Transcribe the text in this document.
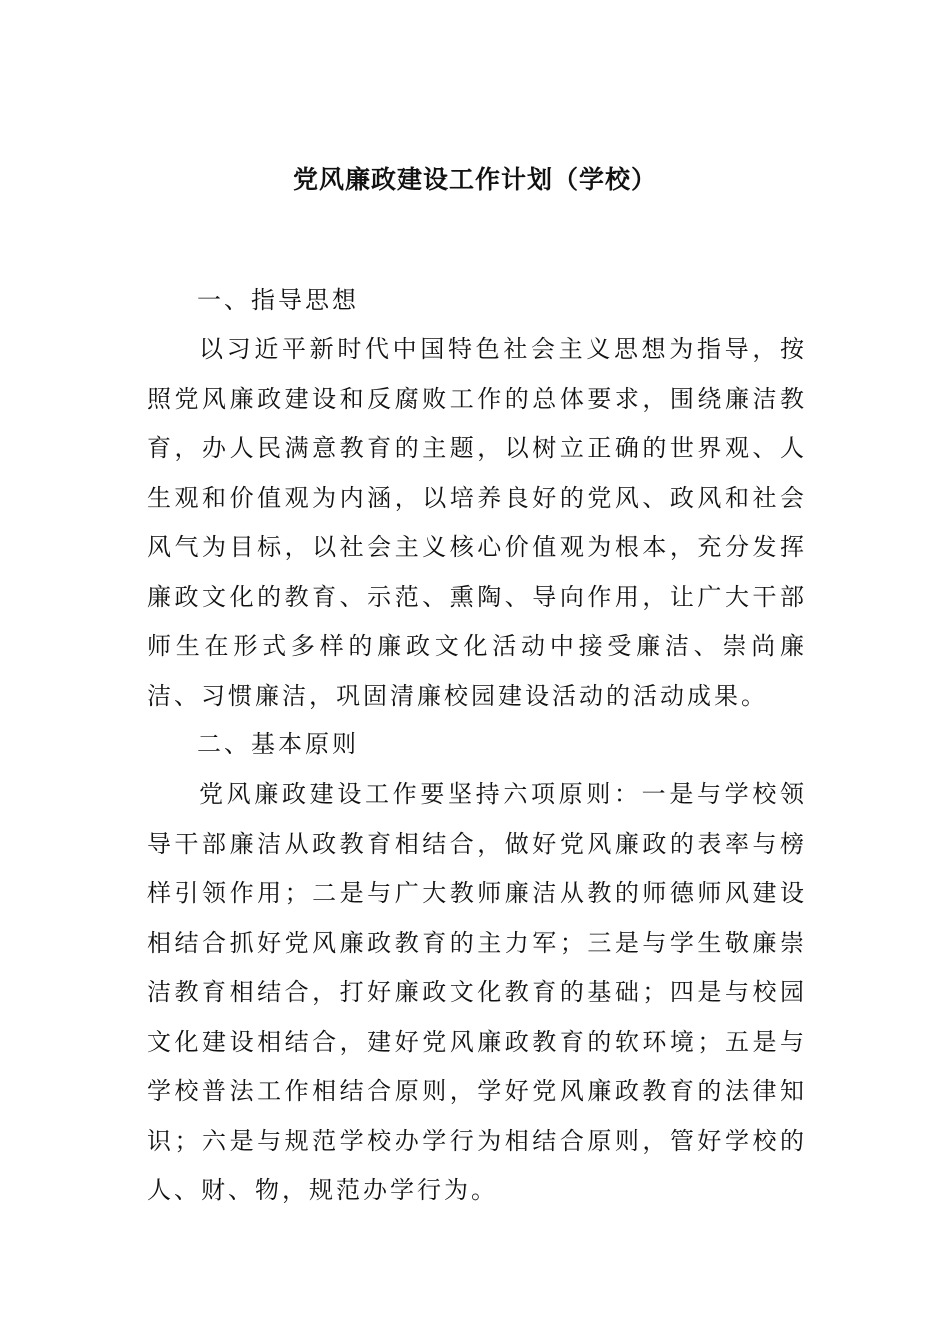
党风廉政建设工作计划（学校）

一、指导思想

以习近平新时代中国特色社会主义思想为指导，按照党风廉政建设和反腐败工作的总体要求，围绕廉洁教育，办人民满意教育的主题，以树立正确的世界观、人生观和价值观为内涵，以培养良好的党风、政风和社会风气为目标，以社会主义核心价值观为根本，充分发挥廉政文化的教育、示范、熏陶、导向作用，让广大干部师生在形式多样的廉政文化活动中接受廉洁、崇尚廉洁、习惯廉洁，巩固清廉校园建设活动的活动成果。

二、基本原则

党风廉政建设工作要坚持六项原则：一是与学校领导干部廉洁从政教育相结合，做好党风廉政的表率与榜样引领作用；二是与广大教师廉洁从教的师德师风建设相结合抓好党风廉政教育的主力军；三是与学生敬廉崇洁教育相结合，打好廉政文化教育的基础；四是与校园文化建设相结合，建好党风廉政教育的软环境；五是与学校普法工作相结合原则，学好党风廉政教育的法律知识；六是与规范学校办学行为相结合原则，管好学校的人、财、物，规范办学行为。
